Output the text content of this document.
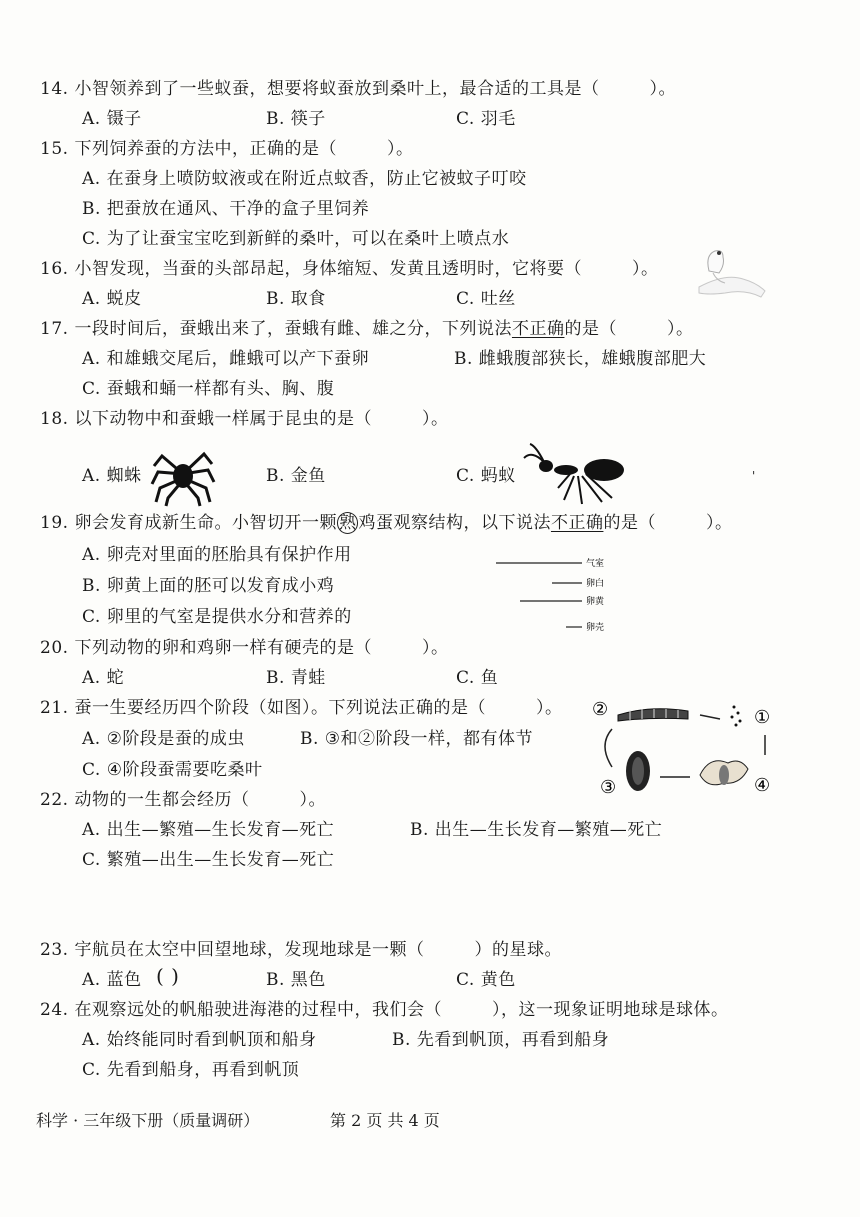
14. 小智领养到了一些蚁蚕，想要将蚁蚕放到桑叶上，最合适的工具是（	）。
A. 镊子	B. 筷子	C. 羽毛
15. 下列饲养蚕的方法中，正确的是（	）。
A. 在蚕身上喷防蚊液或在附近点蚊香，防止它被蚊子叮咬
B. 把蚕放在通风、干净的盒子里饲养
C. 为了让蚕宝宝吃到新鲜的桑叶，可以在桑叶上喷点水
16. 小智发现，当蚕的头部昂起，身体缩短、发黄且透明时，它将要（	）。
A. 蜕皮	B. 取食	C. 吐丝
17. 一段时间后，蚕蛾出来了，蚕蛾有雌、雄之分，下列说法不正确的是（	）。
A. 和雄蛾交尾后，雌蛾可以产下蚕卵	B. 雌蛾腹部狭长，雄蛾腹部肥大
C. 蚕蛾和蛹一样都有头、胸、腹
18. 以下动物中和蚕蛾一样属于昆虫的是（	）。
A. 蜘蛛	B. 金鱼	C. 蚂蚁	'
19. 卵会发育成新生命。小智切开一颗 熟 鸡蛋观察结构，以下说法不正确的是（	）。
A. 卵壳对里面的胚胎具有保护作用
B. 卵黄上面的胚可以发育成小鸡
C. 卵里的气室是提供水分和营养的
气室
卵白
卵黄
卵壳
20. 下列动物的卵和鸡卵一样有硬壳的是（	）。
A. 蛇	B. 青蛙	C. 鱼
21. 蚕一生要经历四个阶段（如图）。下列说法正确的是（	）。
A. ②阶段是蚕的成虫	B. ③和②阶段一样，都有体节
C. ④阶段蚕需要吃桑叶
②	①
③	④
22. 动物的一生都会经历（	）。
A. 出生—繁殖—生长发育—死亡	B. 出生—生长发育—繁殖—死亡
C. 繁殖—出生—生长发育—死亡
23. 宇航员在太空中回望地球，发现地球是一颗（	）的星球。
A. 蓝色 ( )	B. 黑色	C. 黄色
24. 在观察远处的帆船驶进海港的过程中，我们会（	），这一现象证明地球是球体。
A. 始终能同时看到帆顶和船身	B. 先看到帆顶，再看到船身
C. 先看到船身，再看到帆顶
科学 · 三年级下册（质量调研）	第 2 页 共 4 页
